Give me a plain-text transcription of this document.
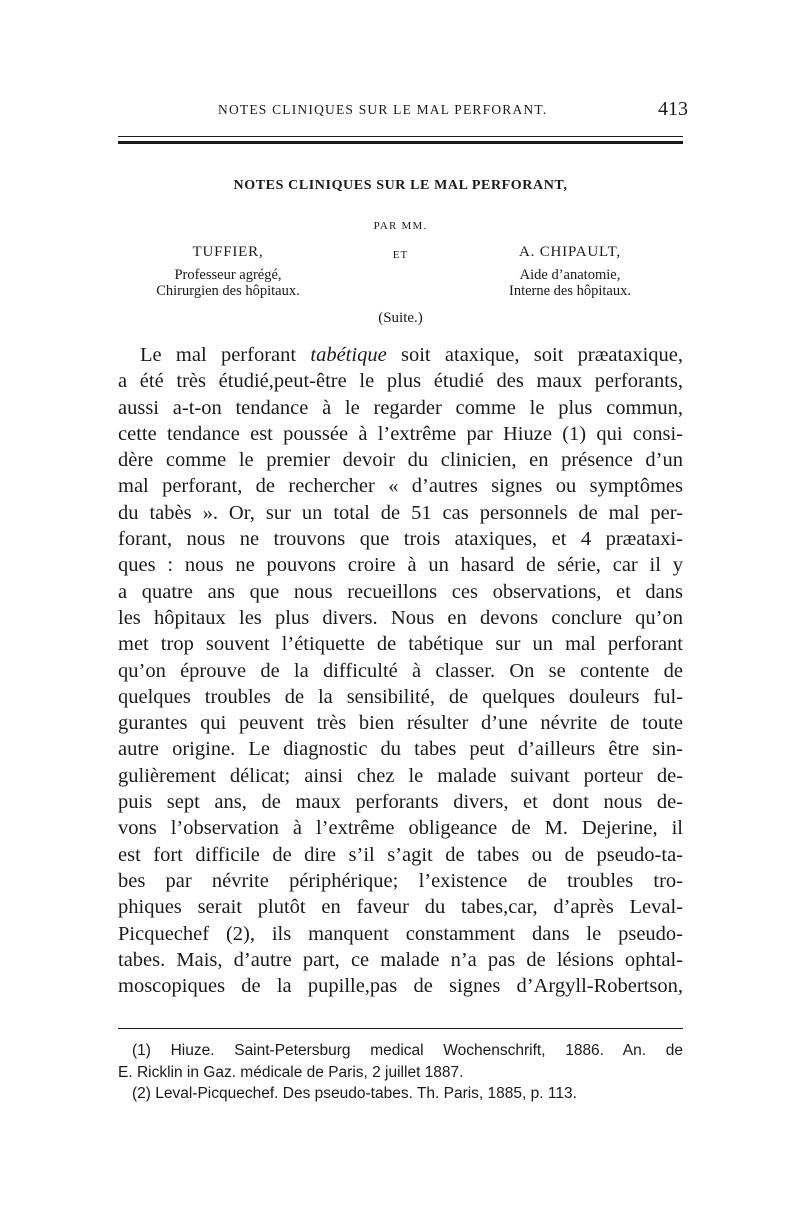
NOTES CLINIQUES SUR LE MAL PERFORANT.	413
NOTES CLINIQUES SUR LE MAL PERFORANT,
PAR MM.
TUFFIER,
Professeur agrégé,
Chirurgien des hôpitaux.
ET	A. CHIPAULT,
Aide d’anatomie,
Interne des hôpitaux.
(Suite.)
Le mal perforant tabétique soit ataxique, soit præataxique,
a été très étudié,peut-être le plus étudié des maux perforants,
aussi a-t-on tendance à le regarder comme le plus commun,
cette tendance est poussée à l’extrême par Hiuze (1) qui consi-
dère comme le premier devoir du clinicien, en présence d’un
mal perforant, de rechercher « d’autres signes ou symptômes
du tabès ». Or, sur un total de 51 cas personnels de mal per-
forant, nous ne trouvons que trois ataxiques, et 4 præataxi-
ques : nous ne pouvons croire à un hasard de série, car il y
a quatre ans que nous recueillons ces observations, et dans
les hôpitaux les plus divers. Nous en devons conclure qu’on
met trop souvent l’étiquette de tabétique sur un mal perforant
qu’on éprouve de la difficulté à classer. On se contente de
quelques troubles de la sensibilité, de quelques douleurs ful-
gurantes qui peuvent très bien résulter d’une névrite de toute
autre origine. Le diagnostic du tabes peut d’ailleurs être sin-
gulièrement délicat; ainsi chez le malade suivant porteur de-
puis sept ans, de maux perforants divers, et dont nous de-
vons l’observation à l’extrême obligeance de M. Dejerine, il
est fort difficile de dire s’il s’agit de tabes ou de pseudo-ta-
bes par névrite périphérique; l’existence de troubles tro-
phiques serait plutôt en faveur du tabes,car, d’après Leval-
Picquechef (2), ils manquent constamment dans le pseudo-
tabes. Mais, d’autre part, ce malade n’a pas de lésions ophtal-
moscopiques de la pupille,pas de signes d’Argyll-Robertson,
(1) Hiuze. Saint-Petersburg medical Wochenschrift, 1886. An. de
E. Ricklin in Gaz. médicale de Paris, 2 juillet 1887.
(2) Leval-Picquechef. Des pseudo-tabes. Th. Paris, 1885, p. 113.
